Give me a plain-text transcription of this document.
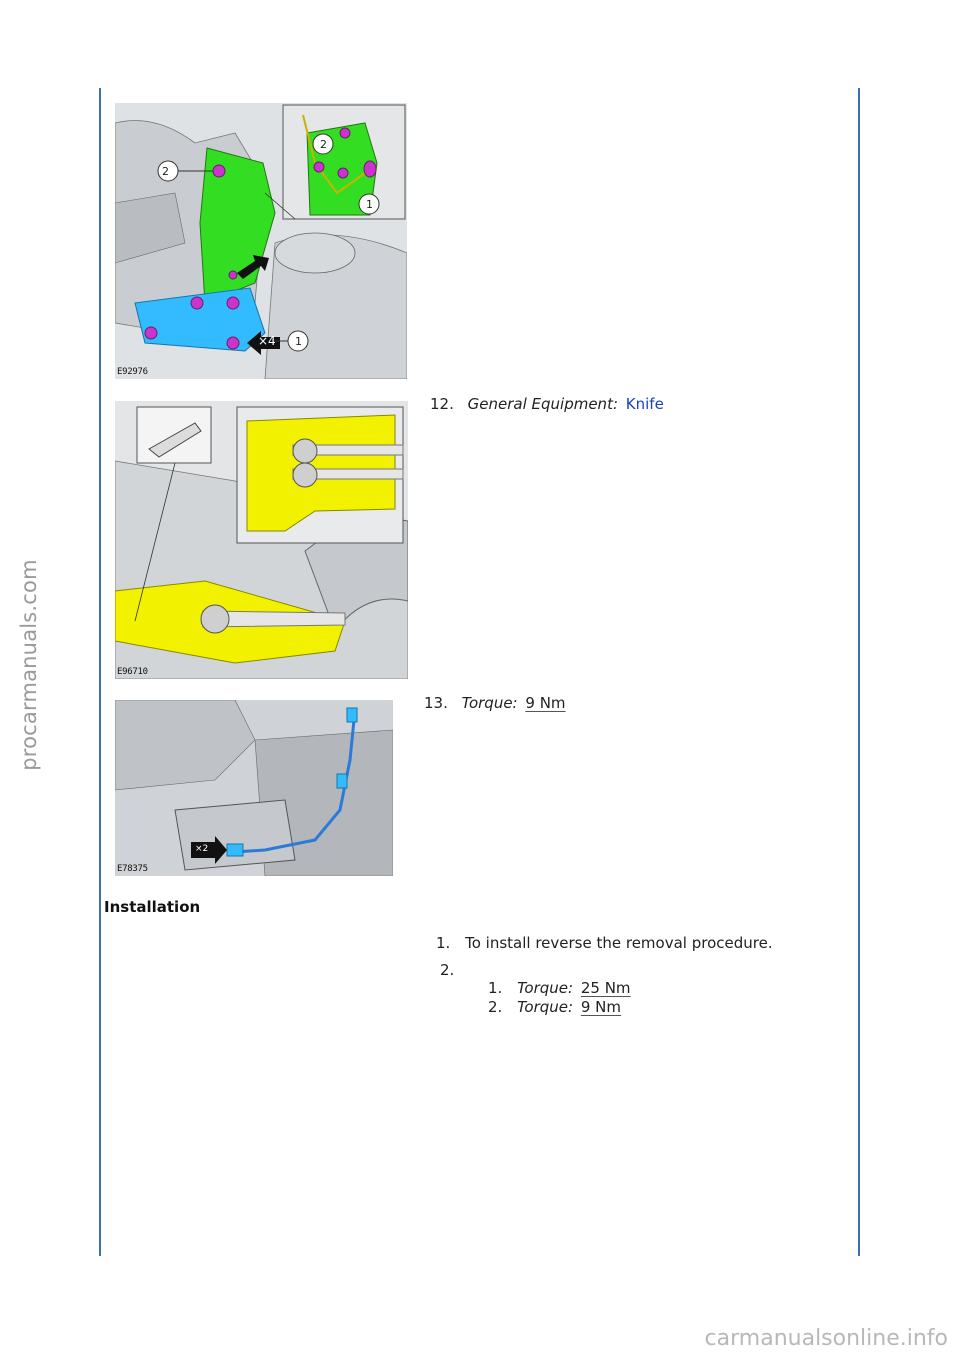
procarmanuals.com
carmanualsonline.info
2
2
1
1
×4
E92976
E96710
×2
E78375
12. General Equipment: Knife
13. Torque: 9 Nm
Installation
1. To install reverse the removal procedure.
2.
1. Torque: 25 Nm
2. Torque: 9 Nm
